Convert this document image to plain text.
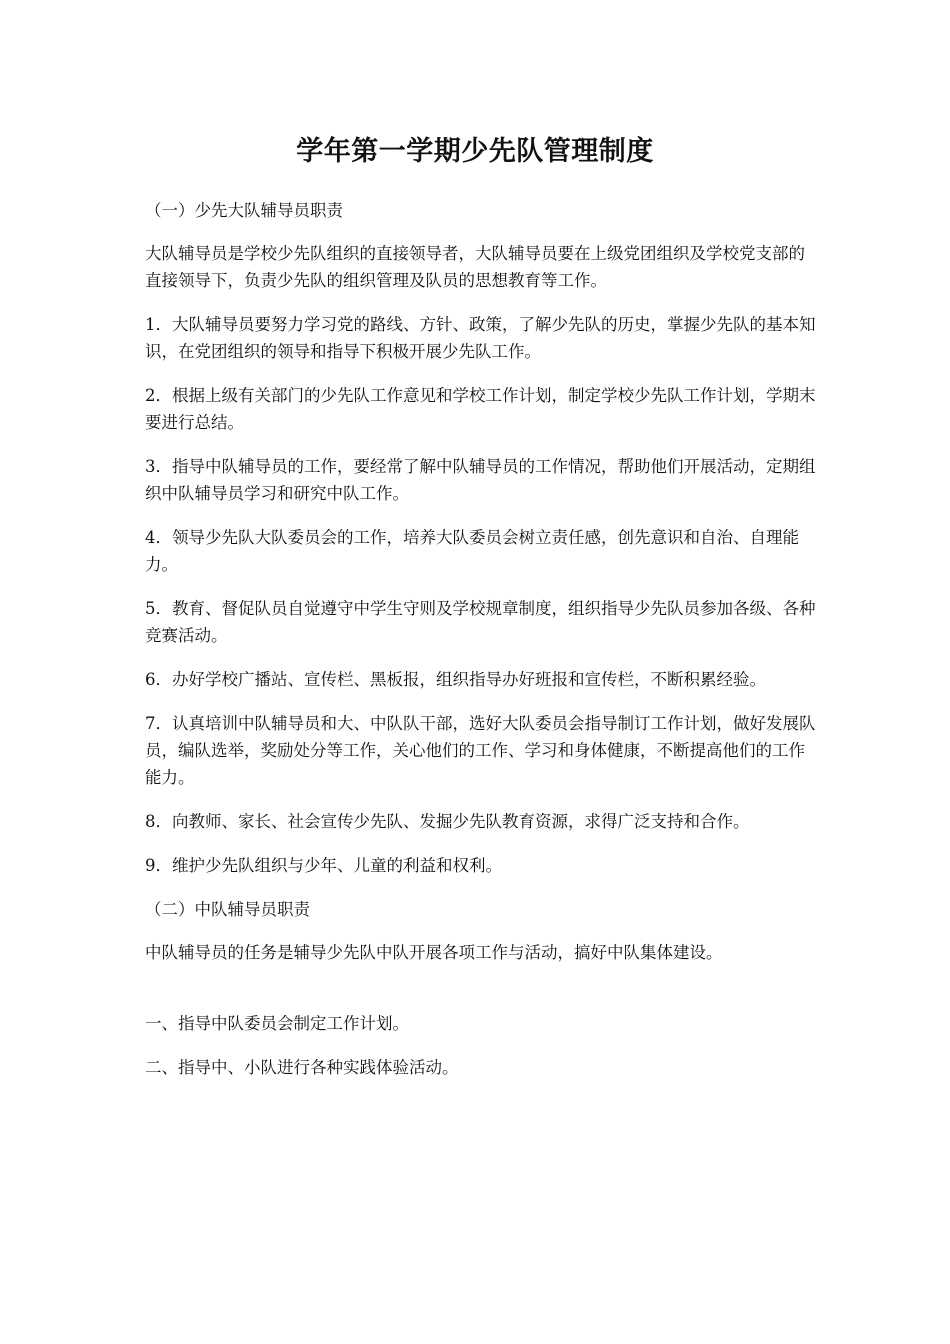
学年第一学期少先队管理制度

（一）少先大队辅导员职责

大队辅导员是学校少先队组织的直接领导者，大队辅导员要在上级党团组织及学校党支部的直接领导下，负责少先队的组织管理及队员的思想教育等工作。

1．大队辅导员要努力学习党的路线、方针、政策，了解少先队的历史，掌握少先队的基本知识，在党团组织的领导和指导下积极开展少先队工作。

2．根据上级有关部门的少先队工作意见和学校工作计划，制定学校少先队工作计划，学期末要进行总结。

3．指导中队辅导员的工作，要经常了解中队辅导员的工作情况，帮助他们开展活动，定期组织中队辅导员学习和研究中队工作。

4．领导少先队大队委员会的工作，培养大队委员会树立责任感，创先意识和自治、自理能力。

5．教育、督促队员自觉遵守中学生守则及学校规章制度，组织指导少先队员参加各级、各种竞赛活动。

6．办好学校广播站、宣传栏、黑板报，组织指导办好班报和宣传栏，不断积累经验。

7．认真培训中队辅导员和大、中队队干部，选好大队委员会指导制订工作计划，做好发展队员，编队选举，奖励处分等工作，关心他们的工作、学习和身体健康，不断提高他们的工作能力。

8．向教师、家长、社会宣传少先队、发掘少先队教育资源，求得广泛支持和合作。

9．维护少先队组织与少年、儿童的利益和权利。

（二）中队辅导员职责

中队辅导员的任务是辅导少先队中队开展各项工作与活动，搞好中队集体建设。

一、指导中队委员会制定工作计划。

二、指导中、小队进行各种实践体验活动。
